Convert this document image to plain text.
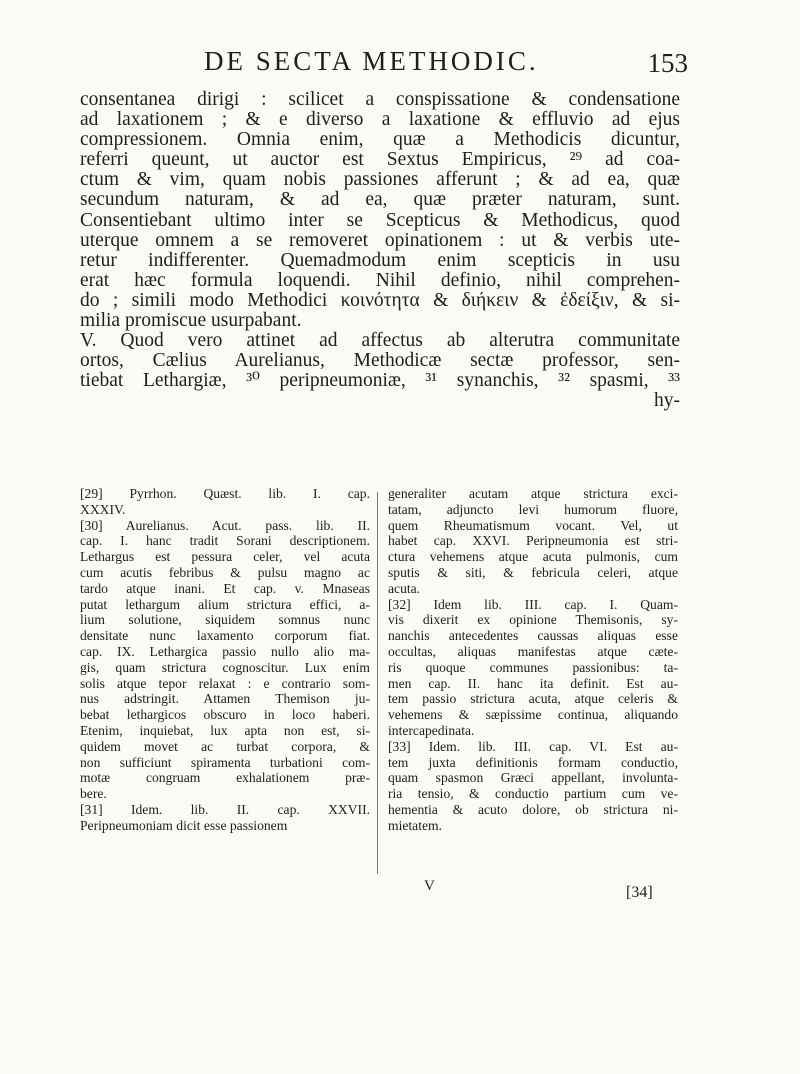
DE SECTA METHODIC.	153
consentanea dirigi : scilicet a conspissatione & condensatione
ad laxationem ; & e diverso a laxatione & effluvio ad ejus
compressionem. Omnia enim, quæ a Methodicis dicuntur,
referri queunt, ut auctor est Sextus Empiricus, ²⁹ ad coa-
ctum & vim, quam nobis passiones afferunt ; & ad ea, quæ
secundum naturam, & ad ea, quæ præter naturam, sunt.
Consentiebant ultimo inter se Scepticus & Methodicus, quod
uterque omnem a se removeret opinationem : ut & verbis ute-
retur indifferenter. Quemadmodum enim scepticis in usu
erat hæc formula loquendi. Nihil definio, nihil comprehen-
do ; simili modo Methodici κοινότητα & διήκειν & ἐδείξιν, & si-
milia promiscue usurpabant.
V. Quod vero attinet ad affectus ab alterutra communitate
ortos, Cælius Aurelianus, Methodicæ sectæ professor, sen-
tiebat Lethargiæ, ³⁰ peripneumoniæ, ³¹ synanchis, ³² spasmi, ³³
hy-
[29] Pyrrhon. Quæst. lib. I. cap.
XXXIV.
[30] Aurelianus. Acut. pass. lib. II.
cap. I. hanc tradit Sorani descriptionem.
Lethargus est pessura celer, vel acuta
cum acutis febribus & pulsu magno ac
tardo atque inani. Et cap. v. Mnaseas
putat lethargum alium strictura effici, a-
lium solutione, siquidem somnus nunc
densitate nunc laxamento corporum fiat.
cap. IX. Lethargica passio nullo alio ma-
gis, quam strictura cognoscitur. Lux enim
solis atque tepor relaxat : e contrario som-
nus adstringit. Attamen Themison ju-
bebat lethargicos obscuro in loco haberi.
Etenim, inquiebat, lux apta non est, si-
quidem movet ac turbat corpora, &
non sufficiunt spiramenta turbationi com-
motæ congruam exhalationem præ-
bere.
[31] Idem. lib. II. cap. XXVII.
Peripneumoniam dicit esse passionem
generaliter acutam atque strictura exci-
tatam, adjuncto levi humorum fluore,
quem Rheumatismum vocant. Vel, ut
habet cap. XXVI. Peripneumonia est stri-
ctura vehemens atque acuta pulmonis, cum
sputis & siti, & febricula celeri, atque
acuta.
[32] Idem lib. III. cap. I. Quam-
vis dixerit ex opinione Themisonis, sy-
nanchis antecedentes caussas aliquas esse
occultas, aliquas manifestas atque cæte-
ris quoque communes passionibus: ta-
men cap. II. hanc ita definit. Est au-
tem passio strictura acuta, atque celeris &
vehemens & sæpissime continua, aliquando
intercapedinata.
[33] Idem. lib. III. cap. VI. Est au-
tem juxta definitionis formam conductio,
quam spasmon Græci appellant, involunta-
ria tensio, & conductio partium cum ve-
hementia & acuto dolore, ob strictura ni-
mietatem.
V	[34]
